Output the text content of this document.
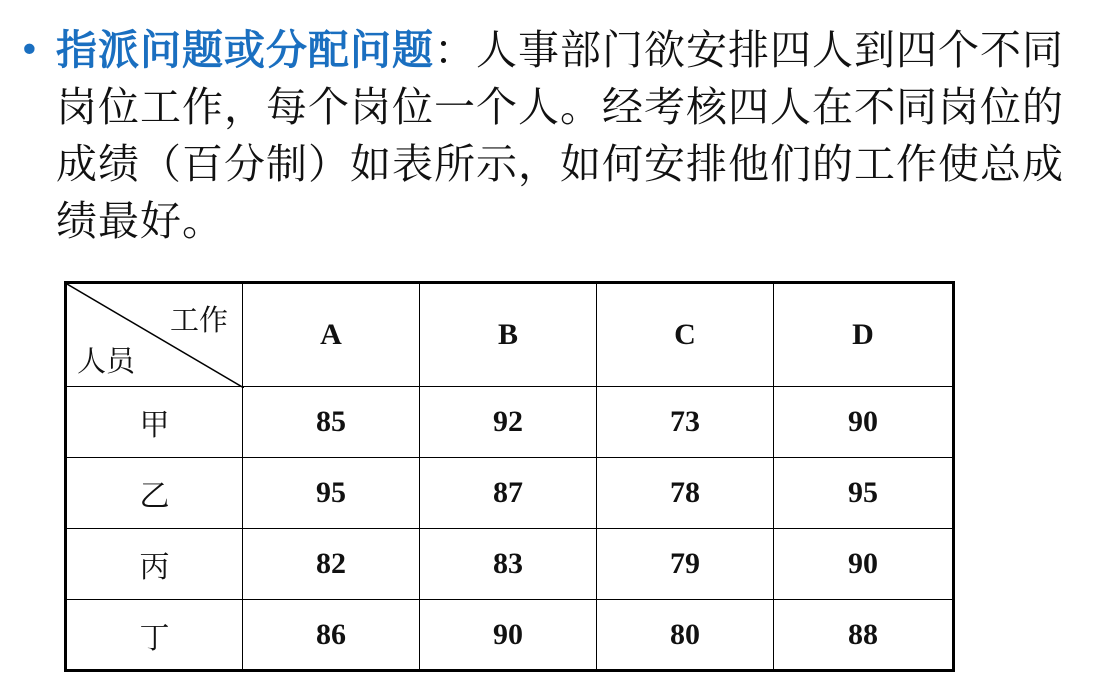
• 指派问题或分配问题：人事部门欲安排四人到四个不同岗位工作，每个岗位一个人。经考核四人在不同岗位的成绩（百分制）如表所示，如何安排他们的工作使总成绩最好。
工作
人员	A	B	C	D
甲	85	92	73	90
乙	95	87	78	95
丙	82	83	79	90
丁	86	90	80	88
